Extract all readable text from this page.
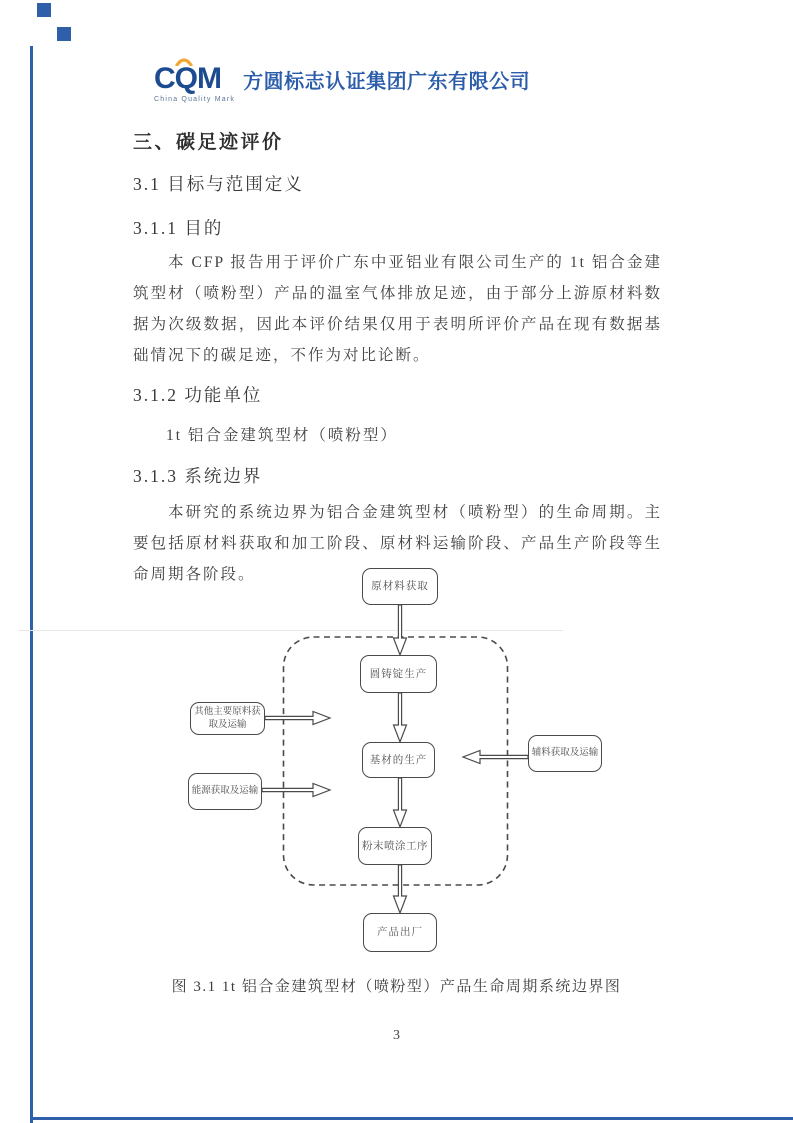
CQM
China Quality Mark
方圆标志认证集团广东有限公司
三、碳足迹评价
3.1 目标与范围定义
3.1.1 目的
本 CFP 报告用于评价广东中亚铝业有限公司生产的 1t 铝合金建筑型材（喷粉型）产品的温室气体排放足迹，由于部分上游原材料数据为次级数据，因此本评价结果仅用于表明所评价产品在现有数据基础情况下的碳足迹，不作为对比论断。
3.1.2 功能单位
1t 铝合金建筑型材（喷粉型）
3.1.3 系统边界
本研究的系统边界为铝合金建筑型材（喷粉型）的生命周期。主要包括原材料获取和加工阶段、原材料运输阶段、产品生产阶段等生命周期各阶段。
原材料获取
圆铸锭生产
基材的生产
粉末喷涂工序
产品出厂
其他主要原料获取及运输
能源获取及运输
辅料获取及运输
图 3.1 1t 铝合金建筑型材（喷粉型）产品生命周期系统边界图
3
